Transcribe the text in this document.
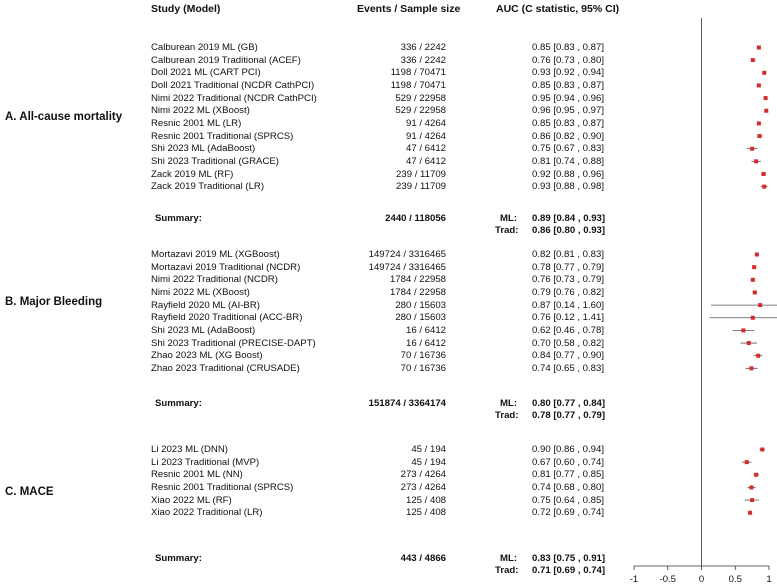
Study (Model)	Events / Sample size	AUC (C statistic, 95% CI)
A. All-cause mortality
Calburean 2019 ML (GB)	336 / 2242	0.85 [0.83 , 0.87]
Calburean 2019 Traditional (ACEF)	336 / 2242	0.76 [0.73 , 0.80]
Doll 2021 ML (CART PCI)	1198 / 70471	0.93 [0.92 , 0.94]
Doll 2021 Traditional (NCDR CathPCI)	1198 / 70471	0.85 [0.83 , 0.87]
Nimi 2022 Traditional (NCDR CathPCI)	529 / 22958	0.95 [0.94 , 0.96]
Nimi 2022 ML (XBoost)	529 / 22958	0.96 [0.95 , 0.97]
Resnic 2001 ML (LR)	91 / 4264	0.85 [0.83 , 0.87]
Resnic 2001 Traditional (SPRCS)	91 / 4264	0.86 [0.82 , 0.90]
Shi 2023 ML (AdaBoost)	47 / 6412	0.75 [0.67 , 0.83]
Shi 2023 Traditional (GRACE)	47 / 6412	0.81 [0.74 , 0.88]
Zack 2019 ML (RF)	239 / 11709	0.92 [0.88 , 0.96]
Zack 2019 Traditional (LR)	239 / 11709	0.93 [0.88 , 0.98]
Summary:	2440 / 118056	ML: 0.89 [0.84 , 0.93]
Trad: 0.86 [0.80 , 0.93]
B. Major Bleeding
Mortazavi 2019 ML (XGBoost)	149724 / 3316465	0.82 [0.81 , 0.83]
Mortazavi 2019 Traditional (NCDR)	149724 / 3316465	0.78 [0.77 , 0.79]
Nimi 2022 Traditional (NCDR)	1784 / 22958	0.76 [0.73 , 0.79]
Nimi 2022 ML (XBoost)	1784 / 22958	0.79 [0.76 , 0.82]
Rayfield 2020 ML (AI-BR)	280 / 15603	0.87 [0.14 , 1.60]
Rayfield 2020 Traditional (ACC-BR)	280 / 15603	0.76 [0.12 , 1.41]
Shi 2023 ML (AdaBoost)	16 / 6412	0.62 [0.46 , 0.78]
Shi 2023 Traditional (PRECISE-DAPT)	16 / 6412	0.70 [0.58 , 0.82]
Zhao 2023 ML (XG Boost)	70 / 16736	0.84 [0.77 , 0.90]
Zhao 2023 Traditional (CRUSADE)	70 / 16736	0.74 [0.65 , 0.83]
Summary:	151874 / 3364174	ML: 0.80 [0.77 , 0.84]
Trad: 0.78 [0.77 , 0.79]
C. MACE
Li 2023 ML (DNN)	45 / 194	0.90 [0.86 , 0.94]
Li 2023 Traditional (MVP)	45 / 194	0.67 [0.60 , 0.74]
Resnic 2001 ML (NN)	273 / 4264	0.81 [0.77 , 0.85]
Resnic 2001 Traditional (SPRCS)	273 / 4264	0.74 [0.68 , 0.80]
Xiao 2022 ML (RF)	125 / 408	0.75 [0.64 , 0.85]
Xiao 2022 Traditional (LR)	125 / 408	0.72 [0.69 , 0.74]
Summary:	443 / 4866	ML: 0.83 [0.75 , 0.91]
Trad: 0.71 [0.69 , 0.74]
-1 -0.5 0	0.5	1
